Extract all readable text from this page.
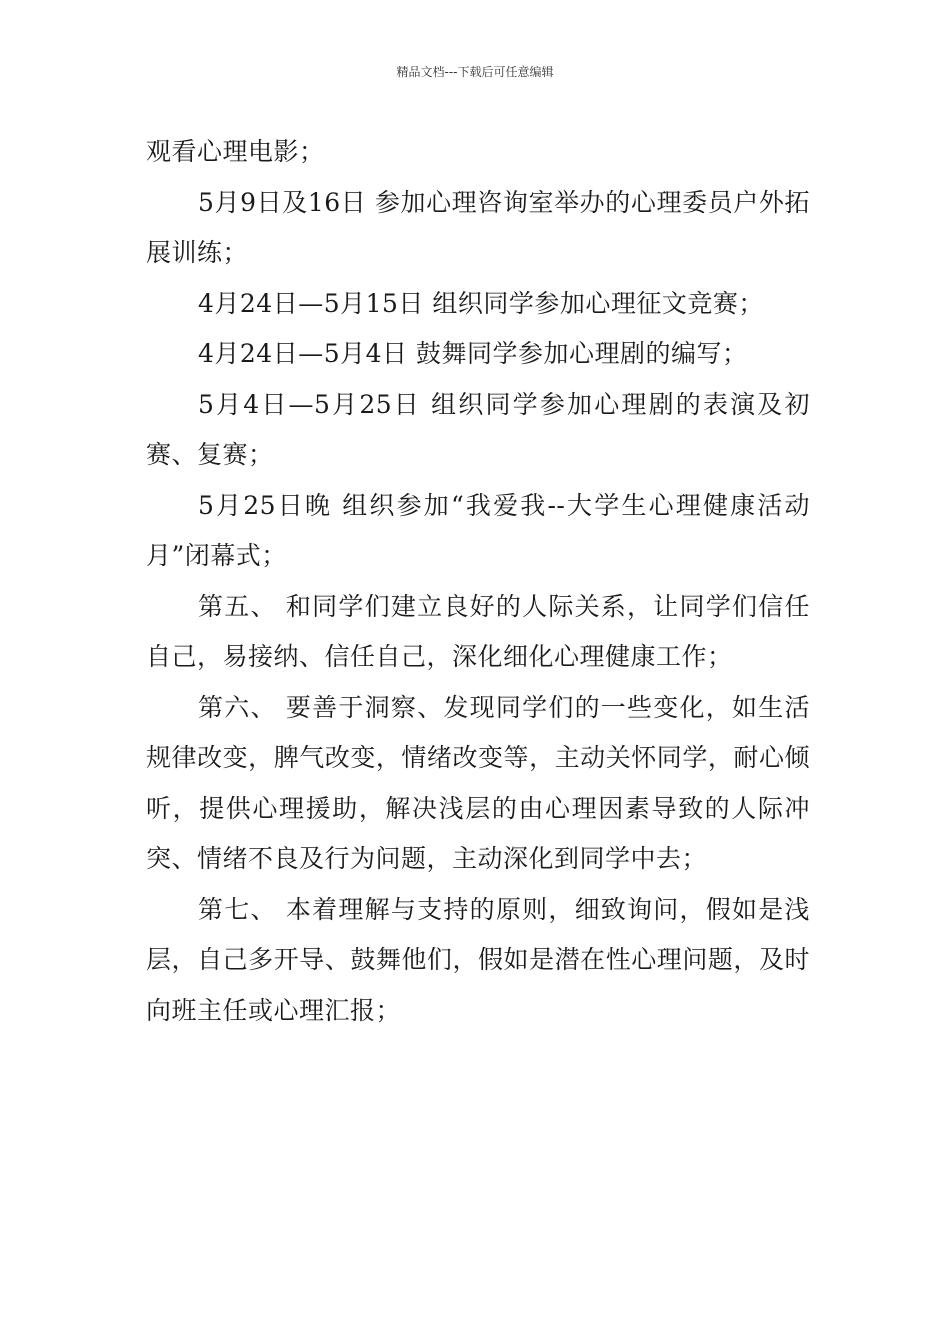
精品文档---下载后可任意编辑

观看心理电影；

5月9日及16日 参加心理咨询室举办的心理委员户外拓展训练；

4月24日—5月15日 组织同学参加心理征文竞赛；

4月24日—5月4日 鼓舞同学参加心理剧的编写；

5月4日—5月25日 组织同学参加心理剧的表演及初赛、复赛；

5月25日晚 组织参加“我爱我--大学生心理健康活动月”闭幕式；

第五、 和同学们建立良好的人际关系，让同学们信任自己，易接纳、信任自己，深化细化心理健康工作；

第六、 要善于洞察、发现同学们的一些变化，如生活规律改变，脾气改变，情绪改变等，主动关怀同学，耐心倾听，提供心理援助，解决浅层的由心理因素导致的人际冲突、情绪不良及行为问题，主动深化到同学中去；

第七、 本着理解与支持的原则，细致询问，假如是浅层，自己多开导、鼓舞他们，假如是潜在性心理问题，及时向班主任或心理汇报；
